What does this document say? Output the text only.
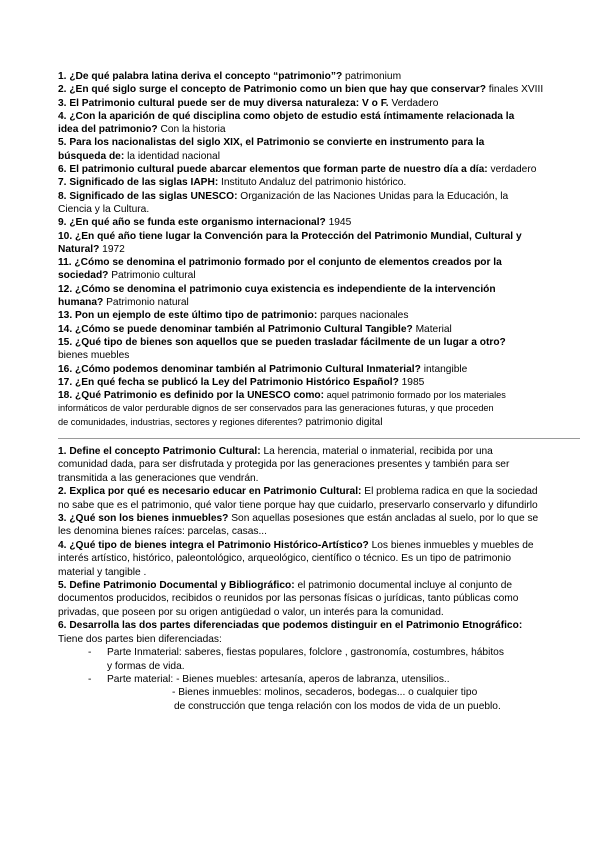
1. ¿De qué palabra latina deriva el concepto “patrimonio”? patrimonium
2. ¿En qué siglo surge el concepto de Patrimonio como un bien que hay que conservar? finales XVIII
3. El Patrimonio cultural puede ser de muy diversa naturaleza: V o F. Verdadero
4. ¿Con la aparición de qué disciplina como objeto de estudio está íntimamente relacionada la
idea del patrimonio? Con la historia
5. Para los nacionalistas del siglo XIX, el Patrimonio se convierte en instrumento para la
búsqueda de: la identidad nacional
6. El patrimonio cultural puede abarcar elementos que forman parte de nuestro día a día: verdadero
7. Significado de las siglas IAPH: Instituto Andaluz del patrimonio histórico.
8. Significado de las siglas UNESCO: Organización de las Naciones Unidas para la Educación, la
Ciencia y la Cultura.
9. ¿En qué año se funda este organismo internacional? 1945
10. ¿En qué año tiene lugar la Convención para la Protección del Patrimonio Mundial, Cultural y
Natural? 1972
11. ¿Cómo se denomina el patrimonio formado por el conjunto de elementos creados por la
sociedad? Patrimonio cultural
12. ¿Cómo se denomina el patrimonio cuya existencia es independiente de la intervención
humana? Patrimonio natural
13. Pon un ejemplo de este último tipo de patrimonio: parques nacionales
14. ¿Cómo se puede denominar también al Patrimonio Cultural Tangible? Material
15. ¿Qué tipo de bienes son aquellos que se pueden trasladar fácilmente de un lugar a otro?
bienes muebles
16. ¿Cómo podemos denominar también al Patrimonio Cultural Inmaterial? intangible
17. ¿En qué fecha se publicó la Ley del Patrimonio Histórico Español? 1985
18. ¿Qué Patrimonio es definido por la UNESCO como: aquel patrimonio formado por los materiales
informáticos de valor perdurable dignos de ser conservados para las generaciones futuras, y que proceden
de comunidades, industrias, sectores y regiones diferentes? patrimonio digital
1. Define el concepto Patrimonio Cultural: La herencia, material o inmaterial, recibida por una
comunidad dada, para ser disfrutada y protegida por las generaciones presentes y también para ser
transmitida a las generaciones que vendrán.
2. Explica por qué es necesario educar en Patrimonio Cultural: El problema radica en que la sociedad
no sabe que es el patrimonio, qué valor tiene porque hay que cuidarlo, preservarlo conservarlo y difundirlo
3. ¿Qué son los bienes inmuebles? Son aquellas posesiones que están ancladas al suelo, por lo que se
les denomina bienes raíces: parcelas, casas...
4. ¿Qué tipo de bienes integra el Patrimonio Histórico-Artístico? Los bienes inmuebles y muebles de
interés artístico, histórico, paleontológico, arqueológico, científico o técnico. Es un tipo de patrimonio
material y tangible .
5. Define Patrimonio Documental y Bibliográfico: el patrimonio documental incluye al conjunto de
documentos producidos, recibidos o reunidos por las personas físicas o jurídicas, tanto públicas como
privadas, que poseen por su origen antigüedad o valor, un interés para la comunidad.
6. Desarrolla las dos partes diferenciadas que podemos distinguir en el Patrimonio Etnográfico:
Tiene dos partes bien diferenciadas:
- Parte Inmaterial: saberes, fiestas populares, folclore , gastronomía, costumbres, hábitos
y formas de vida.
- Parte material: - Bienes muebles: artesanía, aperos de labranza, utensilios..
- Bienes inmuebles: molinos, secaderos, bodegas... o cualquier tipo
de construcción que tenga relación con los modos de vida de un pueblo.
